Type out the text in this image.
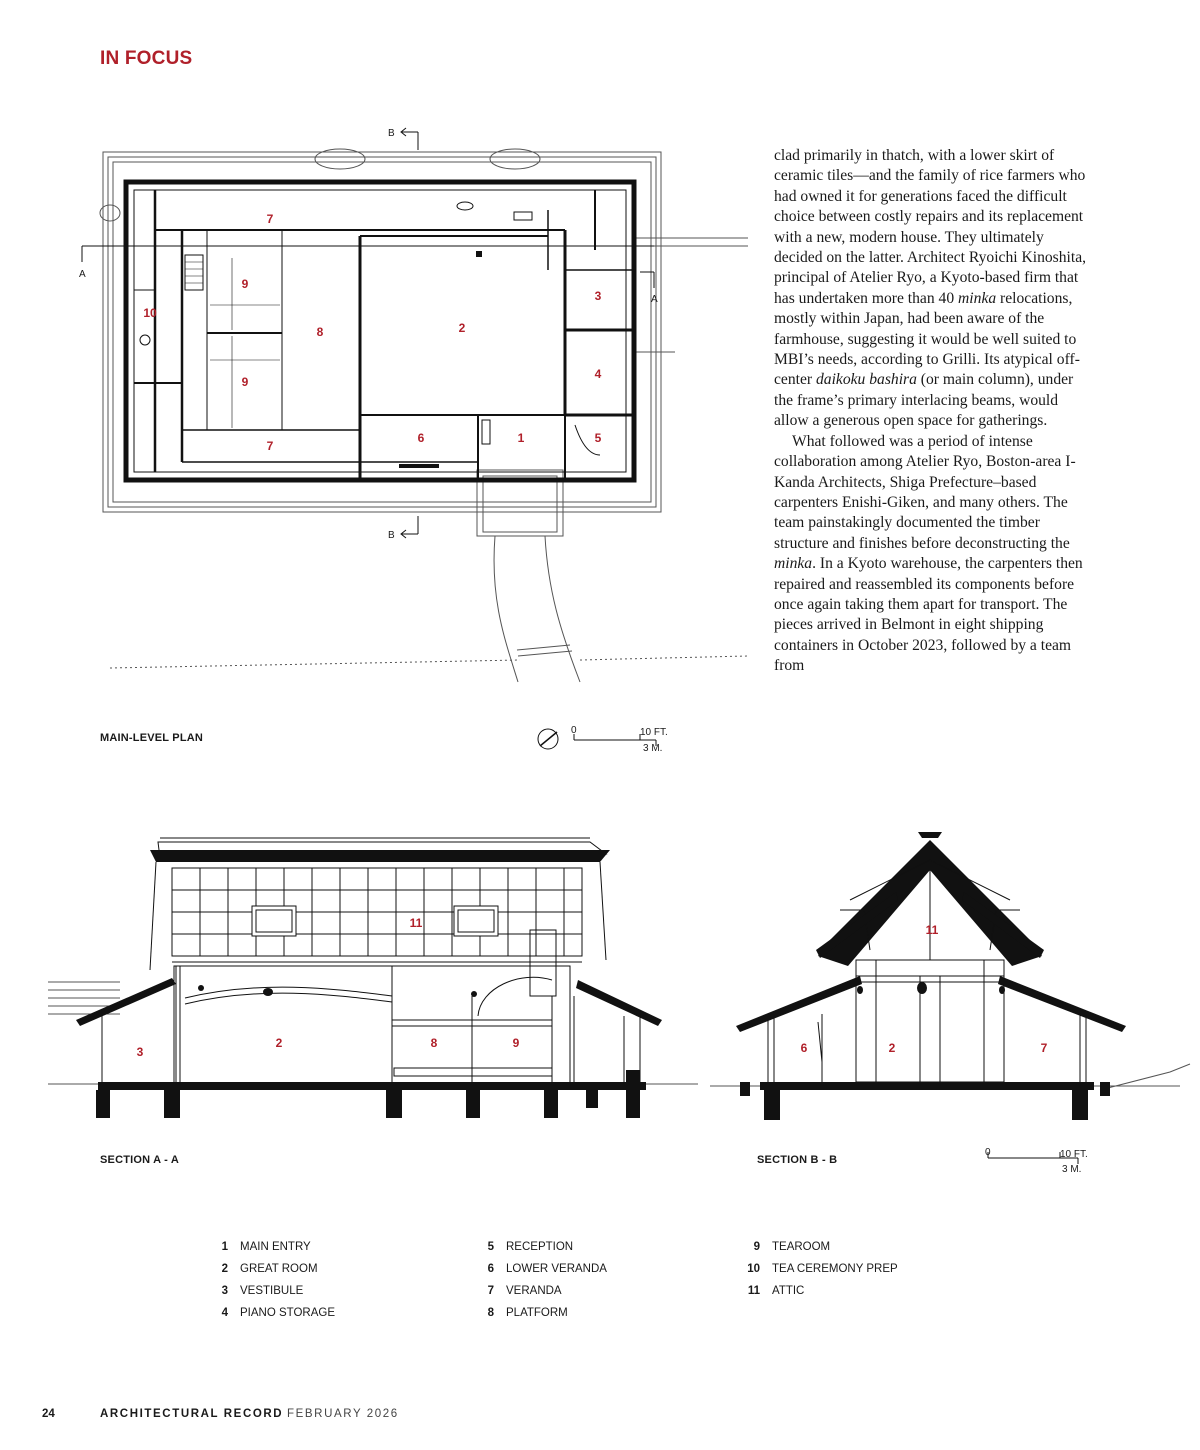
IN FOCUS

clad primarily in thatch, with a lower skirt of ceramic tiles—and the family of rice farmers who had owned it for generations faced the difficult choice between costly repairs and its replacement with a new, modern house. They ultimately decided on the latter. Architect Ryoichi Kinoshita, principal of Atelier Ryo, a Kyoto-based firm that has undertaken more than 40 minka relocations, mostly within Japan, had been aware of the farmhouse, suggesting it would be well suited to MBI’s needs, according to Grilli. Its atypical off-center daikoku bashira (or main column), under the frame’s primary interlacing beams, would allow a generous open space for gatherings.

What followed was a period of intense collaboration among Atelier Ryo, Boston-area I-Kanda Architects, Shiga Prefecture–based carpenters Enishi-Giken, and many others. The team painstakingly documented the timber structure and finishes before deconstructing the minka. In a Kyoto warehouse, the carpenters then repaired and reassembled its components before once again taking them apart for transport. The pieces arrived in Belmont in eight shipping containers in October 2023, followed by a team from

A
A
B
B
7
9
10
8	2
3
9
4
7
6	1	5
0	10 FT.
3 M.
MAIN-LEVEL PLAN
11
3
2	8	9
SECTION A - A
11
6	2	7
0	10 FT.
3 M.
SECTION B - B
1 MAIN ENTRY
2 GREAT ROOM
3 VESTIBULE
4 PIANO STORAGE
5 RECEPTION
6 LOWER VERANDA
7 VERANDA
8 PLATFORM
9 TEAROOM
10 TEA CEREMONY PREP
11 ATTIC
24	ARCHITECTURAL RECORD FEBRUARY 2026
